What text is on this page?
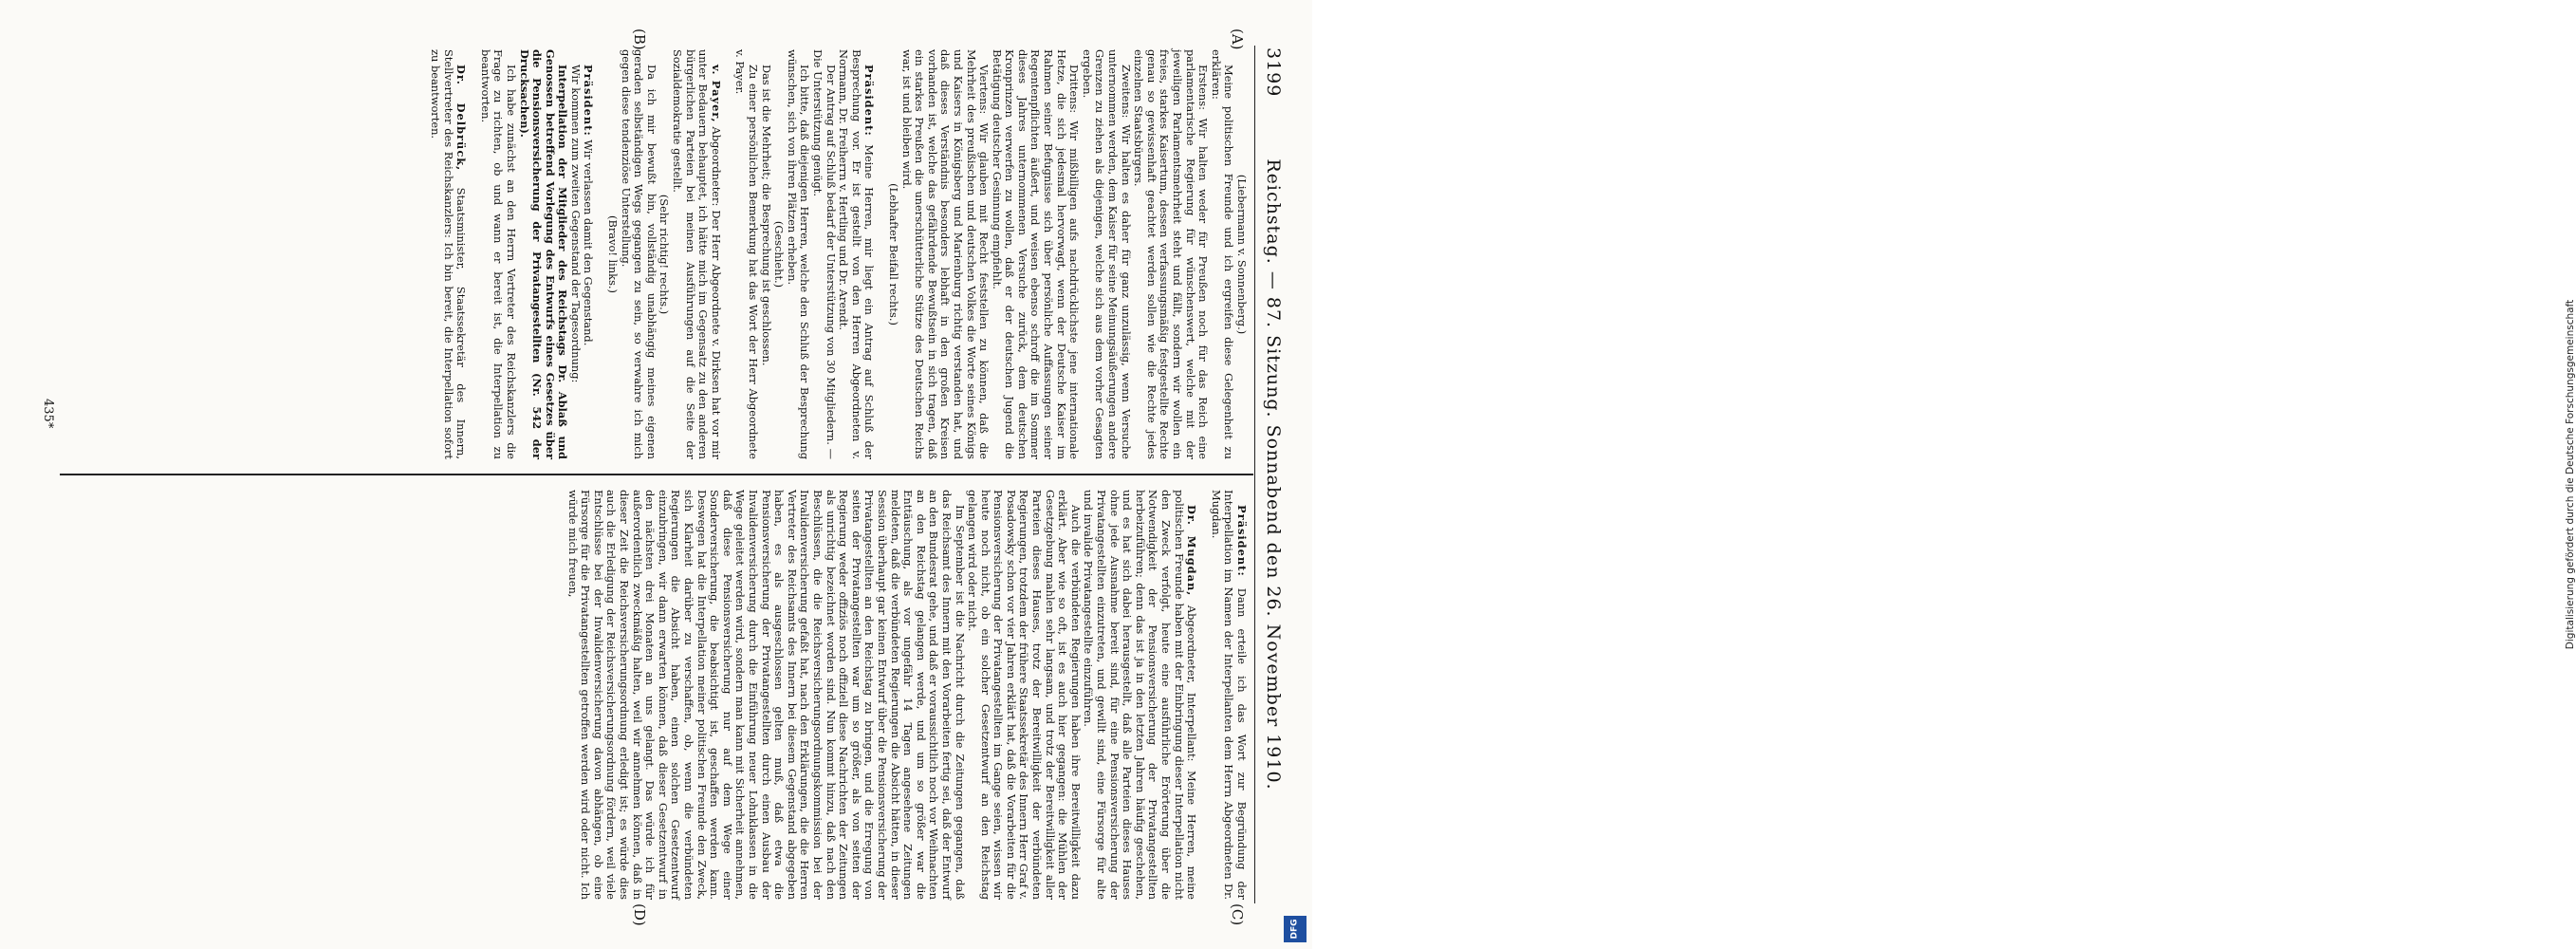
Reichstag. — 87. Sitzung. Sonnabend den 26. November 1910.
3199
(A)
(B)
(C)
(D)

(Liebermann v. Sonnenberg.)

Meine politischen Freunde und ich ergreifen diese Gelegenheit zu erklären:

Erstens: Wir halten weder für Preußen noch für das Reich eine parlamentarische Regierung für wünschenswert, welche mit der jeweiligen Parlamentsmehrheit steht und fällt, sondern wir wollen ein freies, starkes Kaisertum, dessen verfassungsmäßig festgestellte Rechte genau so gewissenhaft geachtet werden sollen wie die Rechte jedes einzelnen Staatsbürgers.

Zweitens: Wir halten es daher für ganz unzulässig, wenn Versuche unternommen werden, dem Kaiser für seine Meinungsäußerungen andere Grenzen zu ziehen als diejenigen, welche sich aus dem vorher Gesagten ergeben.

Drittens: Wir mißbilligen aufs nachdrücklichste jene internationale Hetze, die sich jedesmal hervorwagt, wenn der Deutsche Kaiser im Rahmen seiner Befugnisse sich über persönliche Auffassungen seiner Regentenpflichten äußert, und weisen ebenso schroff die im Sommer dieses Jahres unternommenen Versuche zurück, dem deutschen Kronprinzen verwerfen zu wollen, daß er der deutschen Jugend die Betätigung deutscher Gesinnung empfiehlt.

Viertens: Wir glauben mit Recht feststellen zu können, daß die Mehrheit des preußischen und deutschen Volkes die Worte seines Königs und Kaisers in Königsberg und Marienburg richtig verstanden hat, und daß dieses Verständnis besonders lebhaft in den großen Kreisen vorhanden ist, welche das gefährdende Bewußtsein in sich tragen, daß ein starkes Preußen die unerschütterliche Stütze des Deutschen Reichs war, ist und bleiben wird.

(Lebhafter Beifall rechts.)

Präsident: Meine Herren, mir liegt ein Antrag auf Schluß der Besprechung vor. Er ist gestellt von den Herren Abgeordneten v. Normann, Dr. Freiherrn v. Hertling und Dr. Arendt.

Der Antrag auf Schluß bedarf der Unterstützung von 30 Mitgliedern. — Die Unterstützung genügt.

Ich bitte, daß diejenigen Herren, welche den Schluß der Besprechung wünschen, sich von ihren Plätzen erheben.

(Geschieht.)

Das ist die Mehrheit; die Besprechung ist geschlossen.

Zu einer persönlichen Bemerkung hat das Wort der Herr Abgeordnete v. Payer.

v. Payer, Abgeordneter: Der Herr Abgeordnete v. Dirksen hat vor mir unter Bedauern behauptet, ich hätte mich im Gegensatz zu den anderen bürgerlichen Parteien bei meinen Ausführungen auf die Seite der Sozialdemokratie gestellt.

(Sehr richtig! rechts.)

Da ich mir bewußt bin, vollständig unabhängig meines eigenen geraden selbständigen Wegs gegangen zu sein, so verwahre ich mich gegen diese tendenziöse Unterstellung.

(Bravo! links.)

Präsident: Wir verlassen damit den Gegenstand.

Wir kommen zum zweiten Gegenstand der Tagesordnung:

Interpellation der Mitglieder des Reichstags Dr. Ablaß und Genossen betreffend Vorlegung des Entwurfs eines Gesetzes über die Pensionsversicherung der Privatangestellten (Nr. 542 der Drucksachen).

Ich habe zunächst an den Herrn Vertreter des Reichskanzlers die Frage zu richten, ob und wann er bereit ist, die Interpellation zu beantworten.

Dr. Delbrück, Staatsminister, Staatssekretär des Innern, Stellvertreter des Reichskanzlers: Ich bin bereit, die Interpellation sofort zu beantworten.

Präsident: Dann erteile ich das Wort zur Begründung der Interpellation im Namen der Interpellanten dem Herrn Abgeordneten Dr. Mugdan.

Dr. Mugdan, Abgeordneter, Interpellant: Meine Herren, meine politischen Freunde haben mit der Einbringung dieser Interpellation nicht den Zweck verfolgt, heute eine ausführliche Erörterung über die Notwendigkeit der Pensionsversicherung der Privatangestellten herbeizuführen; denn das ist ja in den letzten Jahren häufig geschehen, und es hat sich dabei herausgestellt, daß alle Parteien dieses Hauses ohne jede Ausnahme bereit sind, für eine Pensionsversicherung der Privatangestellten einzutreten, und gewillt sind, eine Fürsorge für alte und invalide Privatangestellte einzuführen.

Auch die verbündeten Regierungen haben ihre Bereitwilligkeit dazu erklärt. Aber wie so oft, ist es auch hier gegangen: die Mühlen der Gesetzgebung mahlen sehr langsam, und trotz der Bereitwilligkeit aller Parteien dieses Hauses, trotz der Bereitwilligkeit der verbündeten Regierungen, trotzdem der frühere Staatssekretär des Innern Herr Graf v. Posadowsky schon vor vier Jahren erklärt hat, daß die Vorarbeiten für die Pensionsversicherung der Privatangestellten im Gange seien, wissen wir heute noch nicht, ob ein solcher Gesetzentwurf an den Reichstag gelangen wird oder nicht.

Im September ist die Nachricht durch die Zeitungen gegangen, daß das Reichsamt des Innern mit den Vorarbeiten fertig sei, daß der Entwurf an den Bundesrat gehe, und daß er voraussichtlich noch vor Weihnachten an den Reichstag gelangen werde, und um so größer war die Enttäuschung, als vor ungefähr 14 Tagen angesehene Zeitungen meldeten, daß die verbündeten Regierungen die Absicht hätten, in dieser Session überhaupt gar keinen Entwurf über die Pensionsversicherung der Privatangestellten an den Reichstag zu bringen, und die Erregung von seiten der Privatangestellten war um so größer, als von seiten der Regierung weder offiziös noch offiziell diese Nachrichten der Zeitungen als unrichtig bezeichnet worden sind. Nun kommt hinzu, daß nach den Beschlüssen, die die Reichsversicherungsordnungskommission bei der Invalidenversicherung gefaßt hat, nach den Erklärungen, die die Herren Vertreter des Reichsamts des Innern bei diesem Gegenstand abgegeben haben, es als ausgeschlossen gelten muß, daß etwa die Pensionsversicherung der Privatangestellten durch einen Ausbau der Invalidenversicherung durch die Einführung neuer Lohnklassen in die Wege geleitet werden wird, sondern man kann mit Sicherheit annehmen, daß diese Pensionsversicherung nur auf dem Wege einer Sonderversicherung, die beabsichtigt ist, geschaffen werden kann. Deswegen hat die Interpellation meiner politischen Freunde den Zweck, sich Klarheit darüber zu verschaffen, ob, wenn die verbündeten Regierungen die Absicht haben, einen solchen Gesetzentwurf einzubringen, wir dann erwarten können, daß dieser Gesetzentwurf in den nächsten drei Monaten an uns gelangt. Das würde ich für außerordentlich zweckmäßig halten, weil wir annehmen können, daß in dieser Zeit die Reichsversicherungsordnung erledigt ist; es würde dies auch die Erledigung der Reichsversicherungsordnung fördern, weil viele Entschlüsse bei der Invalidenversicherung davon abhängen, ob eine Fürsorge für die Privatangestellten getroffen werden wird oder nicht. Ich würde mich freuen,

435*	Digitalisierung gefördert durch die Deutsche Forschungsgemeinschaft
DFG
